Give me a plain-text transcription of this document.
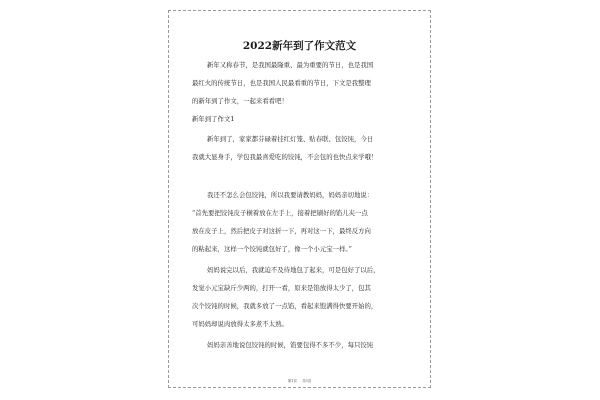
2022新年到了作文范文
新年又称春节，是我国最隆重、最为重要的节日，也是我国
最红火的传统节日，也是我国人民最看重的节日，下文是我整理
的新年到了作文，一起来看看吧！
新年到了作文1
新年到了，家家都芬碌着挂红灯笼、贴春联、包饺饨，今日
我就大显身手，学包我最喜爱吃的饺饨，不会包的也快点来学哦！
我还不怎么会包饺饨，所以我要请教妈妈，妈妈亲切地说：
“首先要把饺饨皮子横着放在左手上，接着把刷好的馅儿夹一点
放在皮子上，然后把皮子对这折一下，再对这一下，最终反方向
的粘起来，这样一个饺饨就包好了，像一个小元宝一样。”
妈妈说完以后，我就迫不及待地包了起来，可是包好了以后，
发觉小元宝缺斤少两的，打开一看，原来是馅放得太少了，包其
次个饺饨的时候，我就多放了一点馅，看起来饱满得快要开始的，
可妈妈却说肉放得太多煮不太熟。
妈妈亲善地说包饺饨的时候，馅要包得不多不少，每只饺饨
第1页 共3页
